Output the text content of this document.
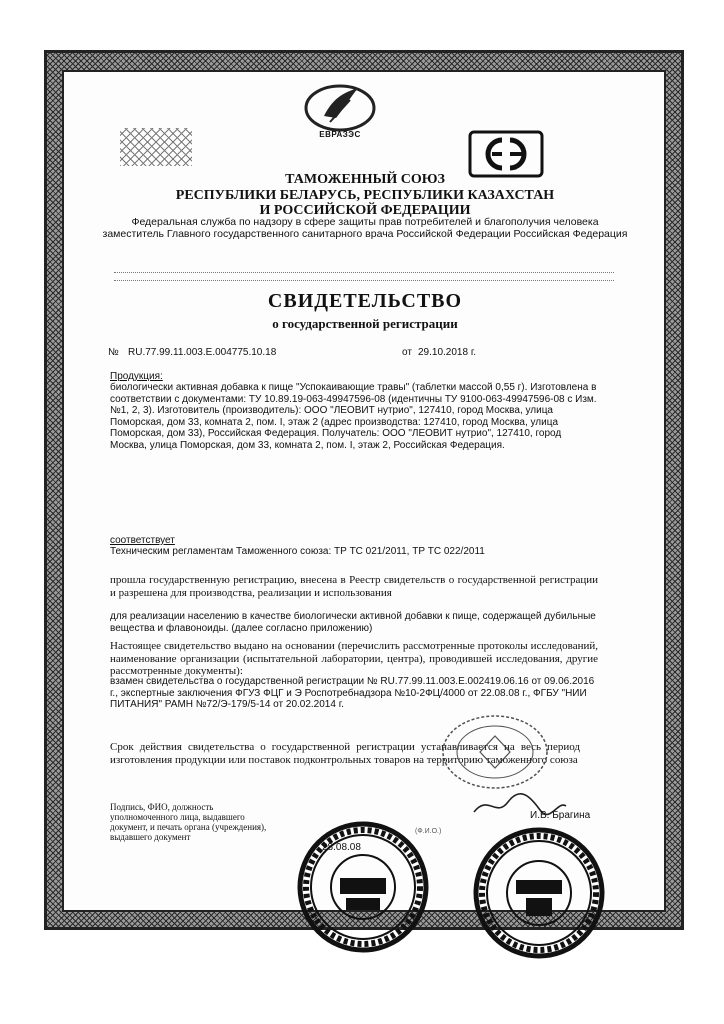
ЕВРАЗЭС
ТАМОЖЕННЫЙ СОЮЗ
РЕСПУБЛИКИ БЕЛАРУСЬ, РЕСПУБЛИКИ КАЗАХСТАН
И РОССИЙСКОЙ ФЕДЕРАЦИИ
Федеральная служба по надзору в сфере защиты прав потребителей и благополучия человека заместитель Главного государственного санитарного врача Российской Федерации Российская Федерация
СВИДЕТЕЛЬСТВО
о государственной регистрации
№ RU.77.99.11.003.Е.004775.10.18	от 29.10.2018 г.
Продукция:
биологически активная добавка к пище "Успокаивающие травы" (таблетки массой 0,55 г). Изготовлена в соответствии с документами: ТУ 10.89.19-063-49947596-08 (идентичны ТУ 9100-063-49947596-08 с Изм. №1, 2, 3). Изготовитель (производитель): ООО "ЛЕОВИТ нутрио", 127410, город Москва, улица Поморская, дом 33, комната 2, пом. I, этаж 2 (адрес производства: 127410, город Москва, улица Поморская, дом 33), Российская Федерация. Получатель: ООО "ЛЕОВИТ нутрио", 127410, город Москва, улица Поморская, дом 33, комната 2, пом. I, этаж 2, Российская Федерация.
соответствует
Техническим регламентам Таможенного союза: ТР ТС 021/2011, ТР ТС 022/2011
прошла государственную регистрацию, внесена в Реестр свидетельств о государственной регистрации и разрешена для производства, реализации и использования
для реализации населению в качестве биологически активной добавки к пище, содержащей дубильные вещества и флавоноиды. (далее согласно приложению)
Настоящее свидетельство выдано на основании (перечислить рассмотренные протоколы исследований, наименование организации (испытательной лаборатории, центра), проводившей исследования, другие рассмотренные документы):
взамен свидетельства о государственной регистрации № RU.77.99.11.003.Е.002419.06.16 от 09.06.2016 г., экспертные заключения ФГУЗ ФЦГ и Э Роспотребнадзора №10-2ФЦ/4000 от 22.08.08 г., ФГБУ "НИИ ПИТАНИЯ" РАМН №72/Э-179/5-14 от 20.02.2014 г.
Срок действия свидетельства о государственной регистрации устанавливается на весь период изготовления продукции или поставок подконтрольных товаров на территорию таможенного союза
Подпись, ФИО, должность уполномоченного лица, выдавшего документ, и печать органа (учреждения), выдавшего документ
И.В. Брагина
(Ф.И.О.)
28.08.08
